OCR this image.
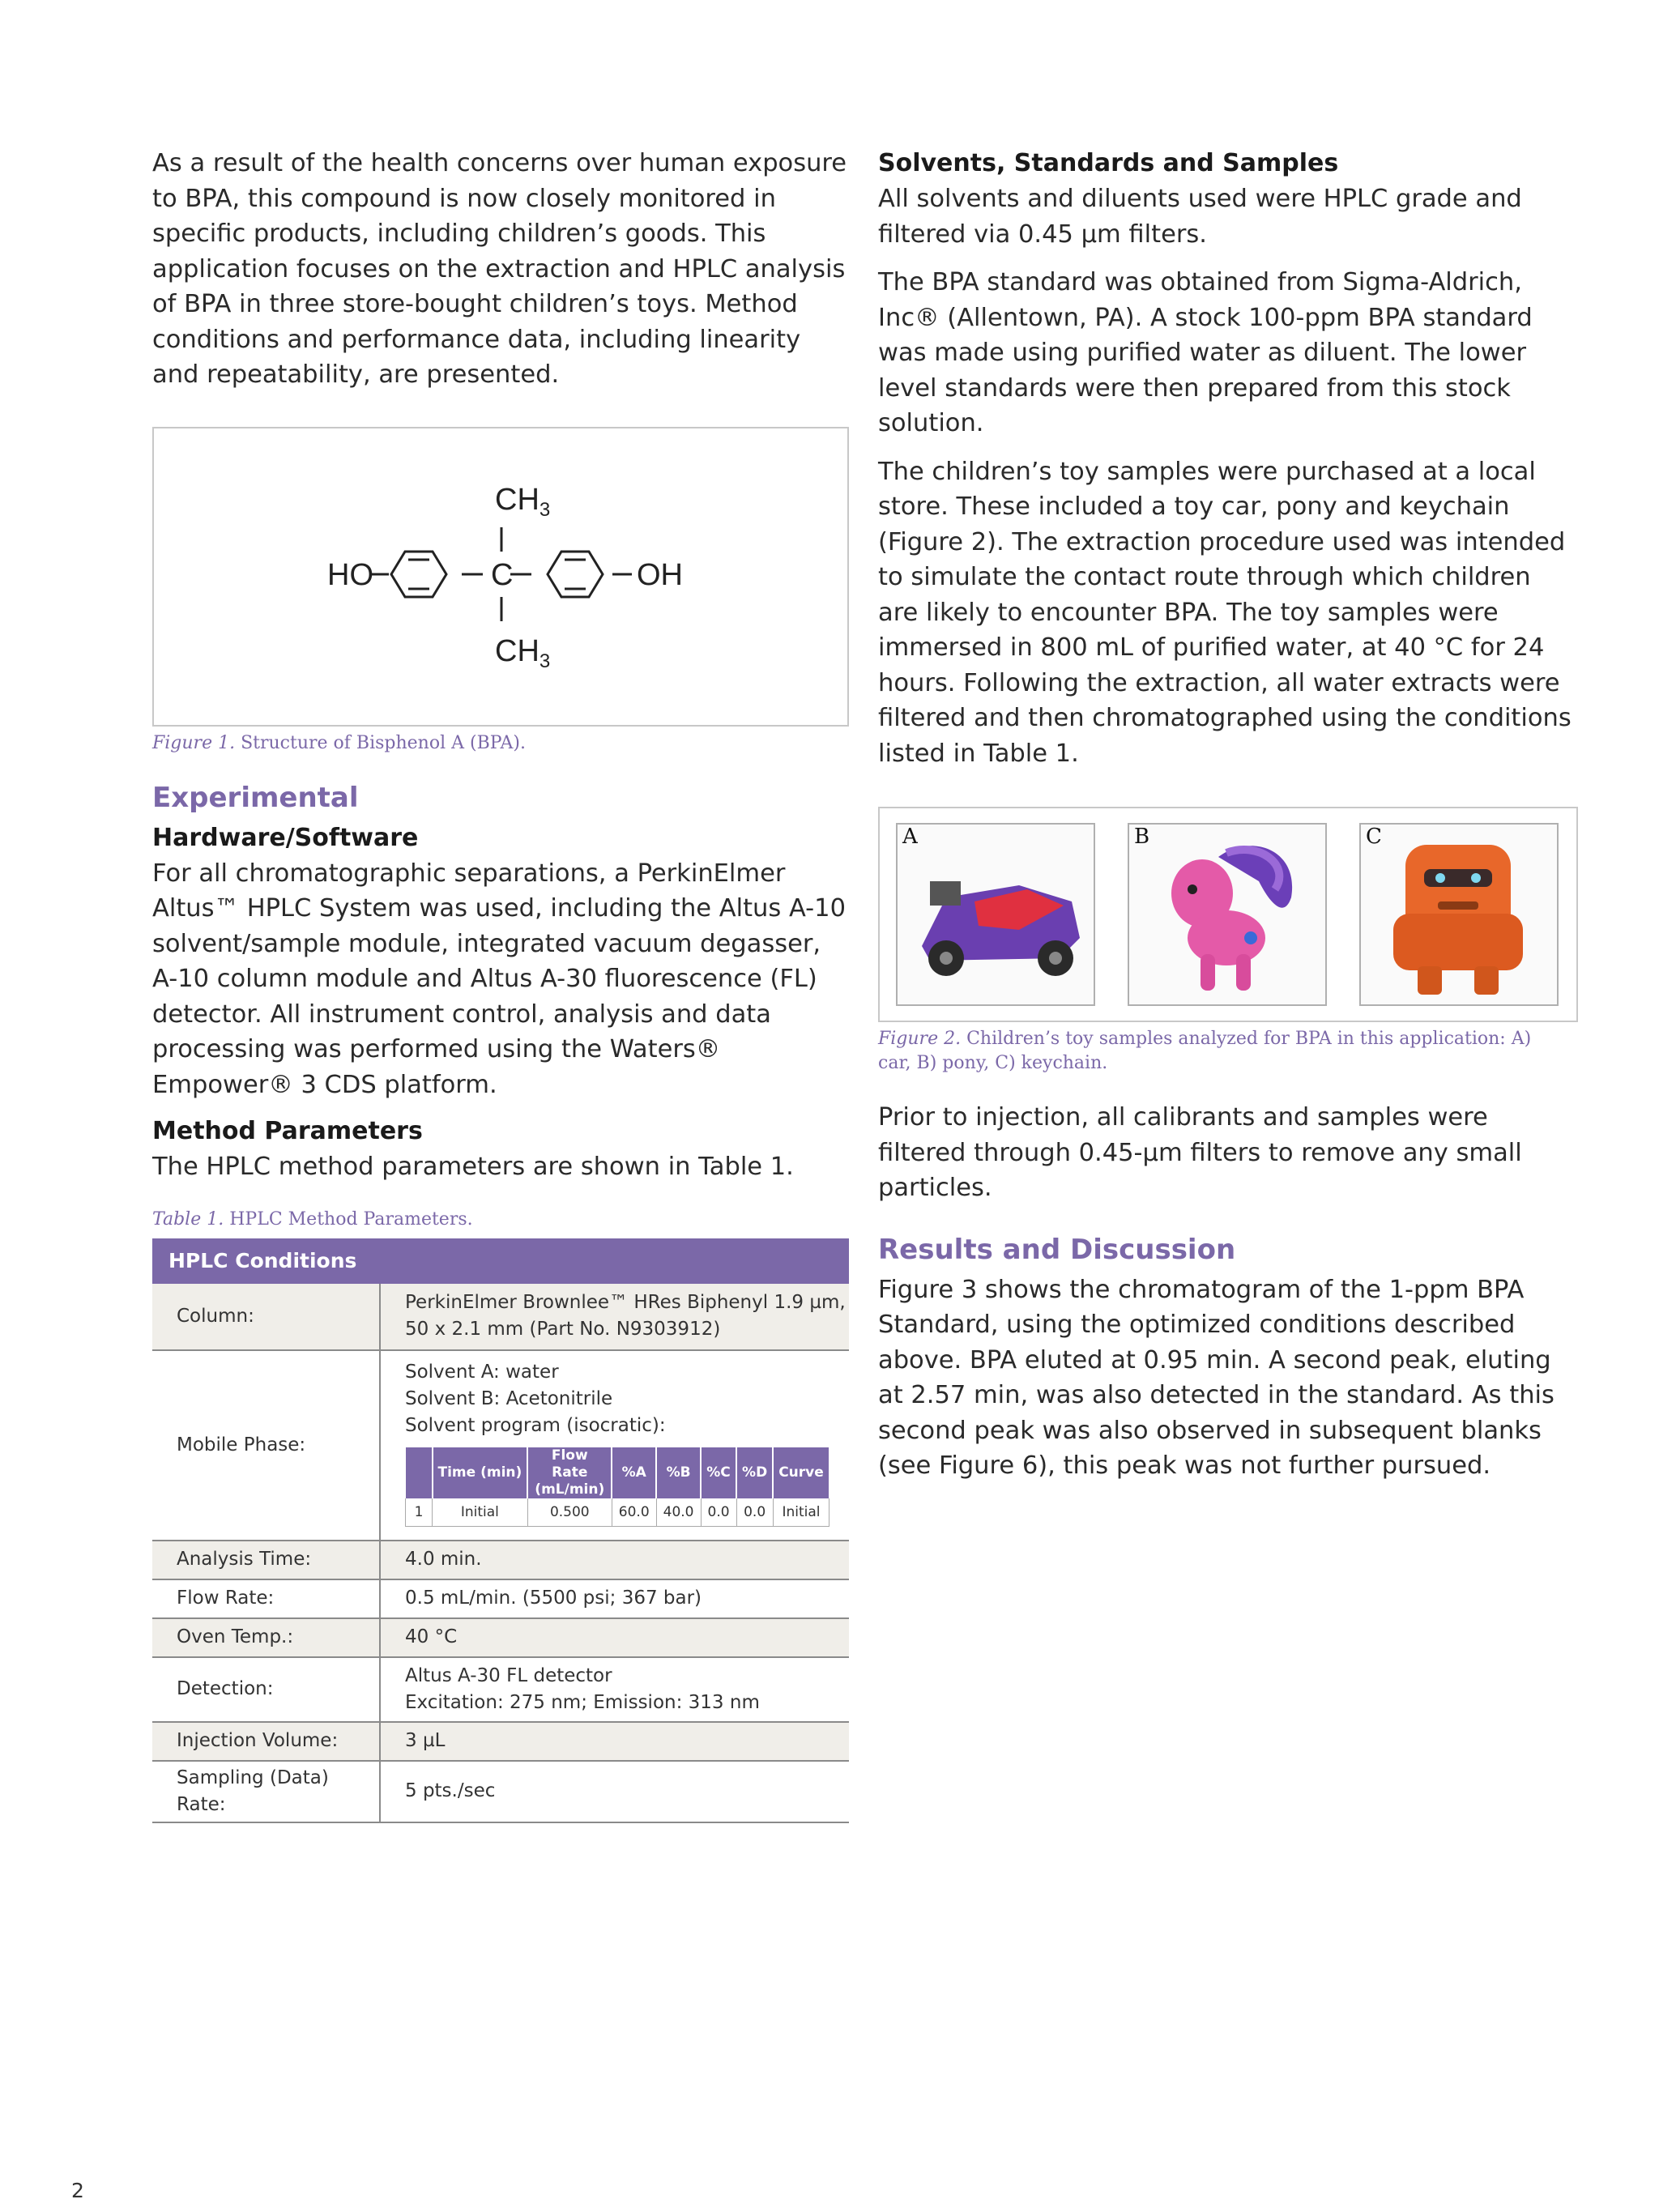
As a result of the health concerns over human exposure to BPA, this compound is now closely monitored in specific products, including children’s goods. This application focuses on the extraction and HPLC analysis of BPA in three store-bought children’s toys. Method conditions and performance data, including linearity and repeatability, are presented.

$CH_3$
$CH_3$
HO	OH
C
Figure 1. Structure of Bisphenol A (BPA).
Experimental
Hardware/Software

For all chromatographic separations, a PerkinElmer Altus™ HPLC System was used, including the Altus A-10 solvent/sample module, integrated vacuum degasser, A-10 column module and Altus A-30 fluorescence (FL) detector. All instrument control, analysis and data processing was performed using the Waters® Empower® 3 CDS platform.

Method Parameters

The HPLC method parameters are shown in Table 1.

Table 1. HPLC Method Parameters.
HPLC Conditions
Column:	
PerkinElmer Brownlee™ HRes Biphenyl 1.9 µm,
50 x 2.1 mm (Part No. N9303912)

Mobile Phase:	
Solvent A: water
Solvent B: Acetonitrile
Solvent program (isocratic):
	Time (min)	Flow Rate (mL/min)	%A	%B	%C	%D	Curve
1	Initial	0.500	60.0	40.0	0.0	0.0	Initial

Analysis Time:	4.0 min.
Flow Rate:	0.5 mL/min. (5500 psi; 367 bar)
Oven Temp.:	40 °C
Detection:	
Altus A-30 FL detector
Excitation: 275 nm; Emission: 313 nm

Injection Volume:	3 µL
Sampling (Data) Rate:	5 pts./sec
Solvents, Standards and Samples

All solvents and diluents used were HPLC grade and filtered via 0.45 µm filters.

The BPA standard was obtained from Sigma-Aldrich, Inc® (Allentown, PA). A stock 100-ppm BPA standard was made using purified water as diluent. The lower level standards were then prepared from this stock solution.

The children’s toy samples were purchased at a local store. These included a toy car, pony and keychain (Figure 2). The extraction procedure used was intended to simulate the contact route through which children are likely to encounter BPA. The toy samples were immersed in 800 mL of purified water, at 40 °C for 24 hours. Following the extraction, all water extracts were filtered and then chromatographed using the conditions listed in Table 1.

A	B	C
Figure 2. Children’s toy samples analyzed for BPA in this application: A) car, B) pony, C) keychain.

Prior to injection, all calibrants and samples were filtered through 0.45-µm filters to remove any small particles.

Results and Discussion

Figure 3 shows the chromatogram of the 1-ppm BPA Standard, using the optimized conditions described above. BPA eluted at 0.95 min. A second peak, eluting at 2.57 min, was also detected in the standard. As this second peak was also observed in subsequent blanks (see Figure 6), this peak was not further pursued.

2
